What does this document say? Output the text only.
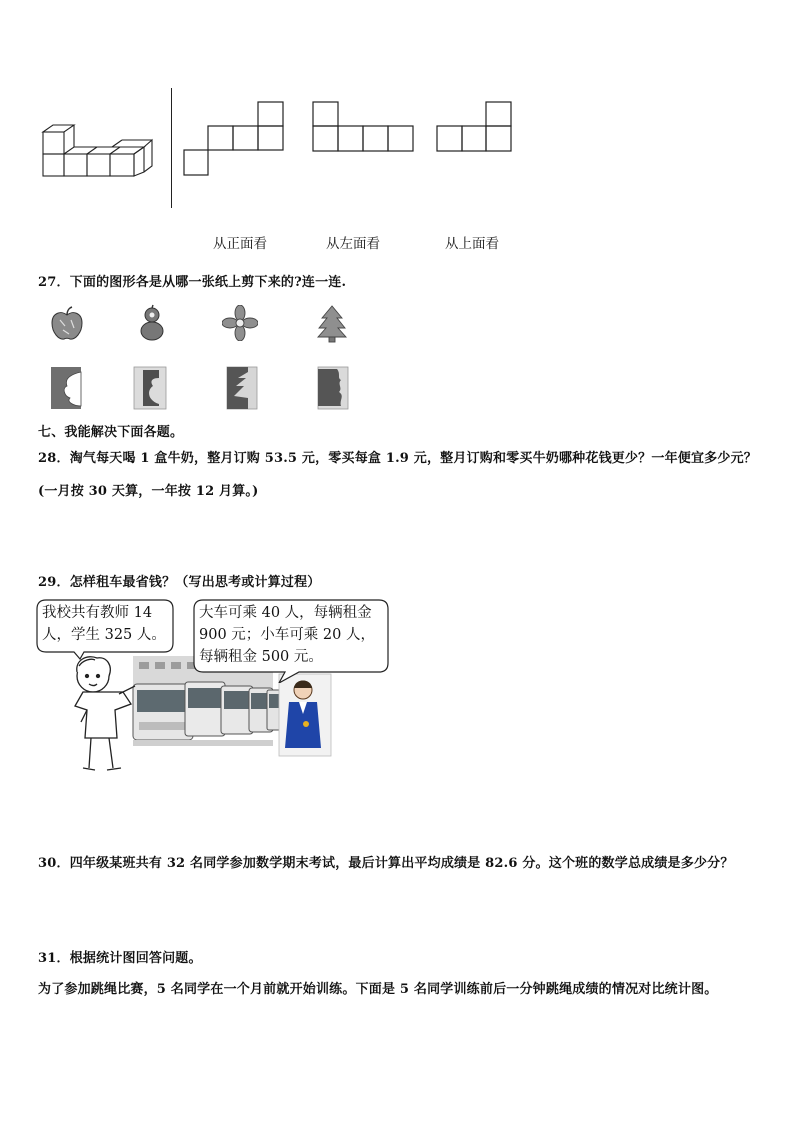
从正面看	从左面看	从上面看
27．下面的图形各是从哪一张纸上剪下来的?连一连.
七、我能解决下面各题。
28．淘气每天喝 1 盒牛奶，整月订购 53.5 元，零买每盒 1.9 元，整月订购和零买牛奶哪种花钱更少？一年便宜多少元？
(一月按 30 天算，一年按 12 月算。)
29．怎样租车最省钱？（写出思考或计算过程）
我校共有教师 14
人，学生 325 人。
大车可乘 40 人，每辆租金
900 元；小车可乘 20 人，
每辆租金 500 元。
30．四年级某班共有 32 名同学参加数学期末考试，最后计算出平均成绩是 82.6 分。这个班的数学总成绩是多少分？
31．根据统计图回答问题。
为了参加跳绳比赛，5 名同学在一个月前就开始训练。下面是 5 名同学训练前后一分钟跳绳成绩的情况对比统计图。
